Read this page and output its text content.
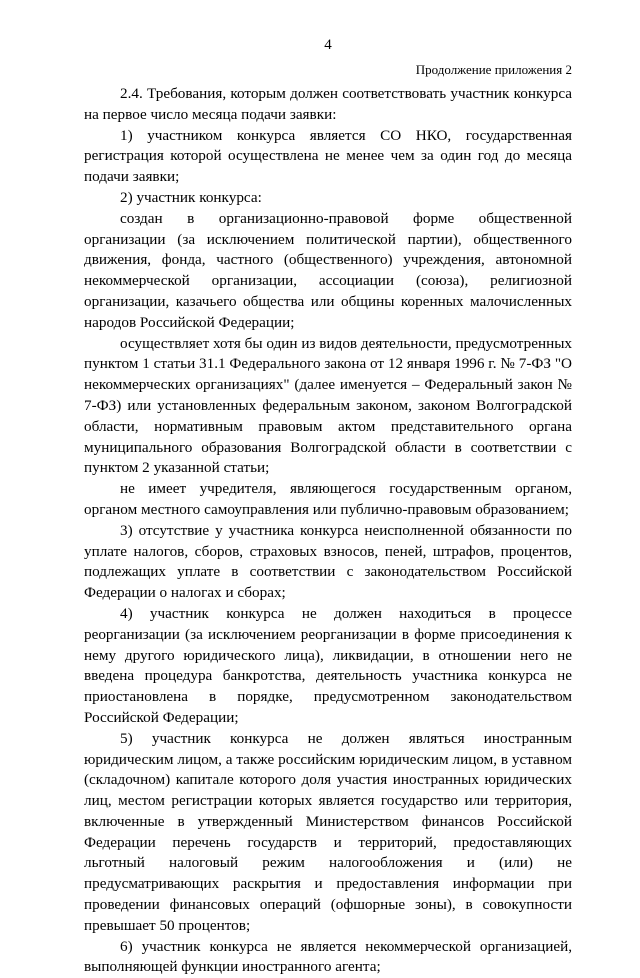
4
Продолжение приложения 2

2.4. Требования, которым должен соответствовать участник конкурса на первое число месяца подачи заявки:

1) участником конкурса является СО НКО, государственная регистрация которой осуществлена не менее чем за один год до месяца подачи заявки;

2) участник конкурса:

создан в организационно-правовой форме общественной организации (за исключением политической партии), общественного движения, фонда, частного (общественного) учреждения, автономной некоммерческой организации, ассоциации (союза), религиозной организации, казачьего общества или общины коренных малочисленных народов Российской Федерации;

осуществляет хотя бы один из видов деятельности, предусмотренных пунктом 1 статьи 31.1 Федерального закона от 12 января 1996 г. № 7-ФЗ "О некоммерческих организациях" (далее именуется – Федеральный закон № 7-ФЗ) или установленных федеральным законом, законом Волгоградской области, нормативным правовым актом представительного органа муниципального образования Волгоградской области в соответствии с пунктом 2 указанной статьи;

не имеет учредителя, являющегося государственным органом, органом местного самоуправления или публично-правовым образованием;

3) отсутствие у участника конкурса неисполненной обязанности по уплате налогов, сборов, страховых взносов, пеней, штрафов, процентов, подлежащих уплате в соответствии с законодательством Российской Федерации о налогах и сборах;

4) участник конкурса не должен находиться в процессе реорганизации (за исключением реорганизации в форме присоединения к нему другого юридического лица), ликвидации, в отношении него не введена процедура банкротства, деятельность участника конкурса не приостановлена в порядке, предусмотренном законодательством Российской Федерации;

5) участник конкурса не должен являться иностранным юридическим лицом, а также российским юридическим лицом, в уставном (складочном) капитале которого доля участия иностранных юридических лиц, местом регистрации которых является государство или территория, включенные в утвержденный Министерством финансов Российской Федерации перечень государств и территорий, предоставляющих льготный налоговый режим налогообложения и (или) не предусматривающих раскрытия и предоставления информации при проведении финансовых операций (офшорные зоны), в совокупности превышает 50 процентов;

6) участник конкурса не является некоммерческой организацией, выполняющей функции иностранного агента;
